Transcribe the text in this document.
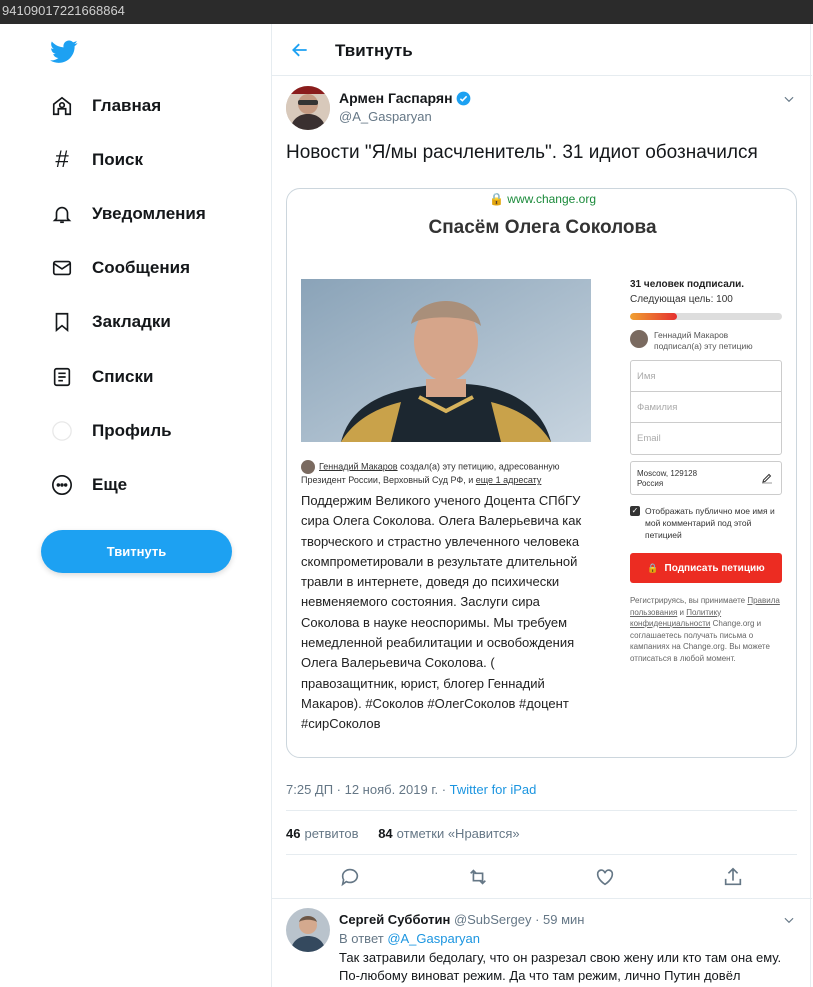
94109017221668864
Главная
#	Поиск
Уведомления
Сообщения
Закладки
Списки
Профиль
Еще
Твитнуть
Твитнуть
Армен Гаспарян
@A_Gasparyan
Новости "Я/мы расчленитель". 31 идиот обозначился
🔒 www.change.org
Спасём Олега Соколова
Геннадий Макаров создал(а) эту петицию, адресованную Президент России, Верховный Суд РФ, и еще 1 адресату
Поддержим Великого ученого Доцента СПбГУ сира Олега Соколова. Олега Валерьевича как творческого и страстно увлеченного человека скомпрометировали в результате длительной травли в интернете, доведя до психически невменяемого состояния. Заслуги сира Соколова в науке неоспоримы. Мы требуем немедленной реабилитации и освобождения Олега Валерьевича Соколова. ( правозащитник, юрист, блогер Геннадий Макаров). #Соколов #ОлегСоколов #доцент #сирСоколов
31 человек подписали.
Следующая цель: 100
Геннадий Макаров
подписал(а) эту петицию
Имя
Фамилия
Email
Moscow, 129128
Россия
✓ Отображать публично мое имя и мой комментарий под этой петицией
🔒 Подписать петицию
Регистрируясь, вы принимаете Правила пользования и Политику конфиденциальности Change.org и соглашаетесь получать письма о кампаниях на Change.org. Вы можете отписаться в любой момент.
7:25 ДП · 12 нояб. 2019 г. · Twitter for iPad
46 ретвитов 84 отметки «Нравится»
Сергей Субботин @SubSergey · 59 мин
В ответ @A_Gasparyan
Так затравили бедолагу, что он разрезал свою жену или кто там она ему. По-любому виноват режим. Да что там режим, лично Путин довёл
